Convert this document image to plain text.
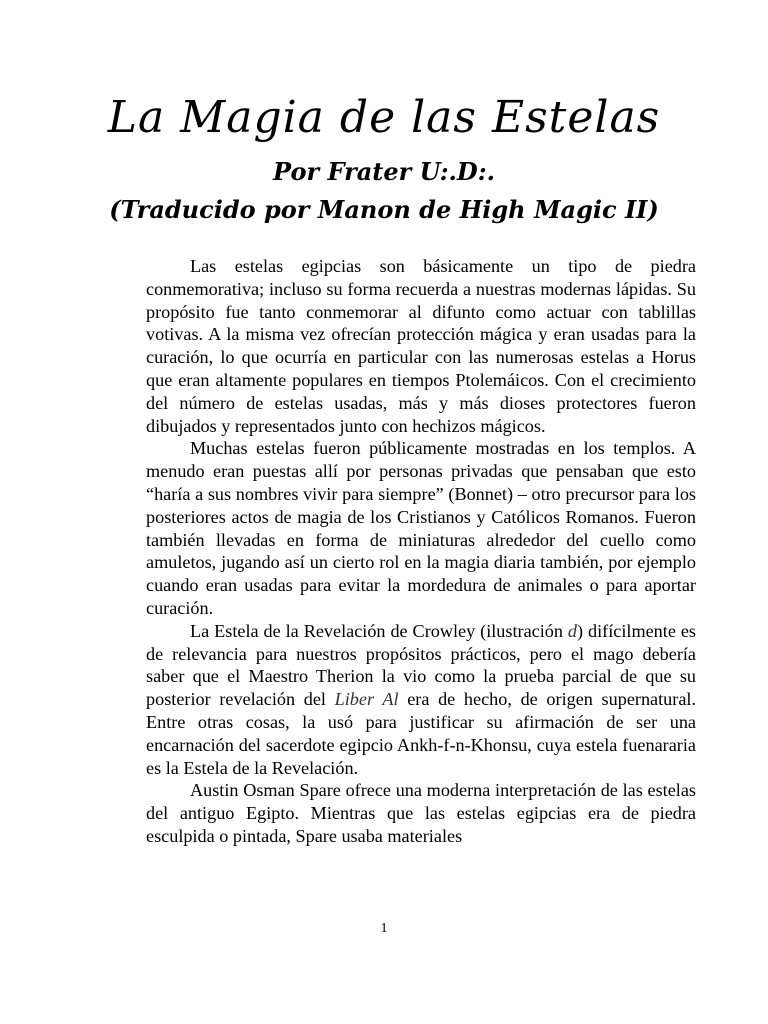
La Magia de las Estelas
Por Frater U:.D:.
(Traducido por Manon de High Magic II)

Las estelas egipcias son básicamente un tipo de piedra conmemorativa; incluso su forma recuerda a nuestras modernas lápidas. Su propósito fue tanto conmemorar al difunto como actuar con tablillas votivas. A la misma vez ofrecían protección mágica y eran usadas para la curación, lo que ocurría en particular con las numerosas estelas a Horus que eran altamente populares en tiempos Ptolemáicos. Con el crecimiento del número de estelas usadas, más y más dioses protectores fueron dibujados y representados junto con hechizos mágicos.

Muchas estelas fueron públicamente mostradas en los templos. A menudo eran puestas allí por personas privadas que pensaban que esto “haría a sus nombres vivir para siempre” (Bonnet) – otro precursor para los posteriores actos de magia de los Cristianos y Católicos Romanos. Fueron también llevadas en forma de miniaturas alrededor del cuello como amuletos, jugando así un cierto rol en la magia diaria también, por ejemplo cuando eran usadas para evitar la mordedura de animales o para aportar curación.

La Estela de la Revelación de Crowley (ilustración d) difícilmente es de relevancia para nuestros propósitos prácticos, pero el mago debería saber que el Maestro Therion la vio como la prueba parcial de que su posterior revelación del Liber Al era de hecho, de origen supernatural. Entre otras cosas, la usó para justificar su afirmación de ser una encarnación del sacerdote egipcio Ankh-f-n-Khonsu, cuya estela fuenararia es la Estela de la Revelación.

Austin Osman Spare ofrece una moderna interpretación de las estelas del antiguo Egipto. Mientras que las estelas egipcias era de piedra esculpida o pintada, Spare usaba materiales

1
